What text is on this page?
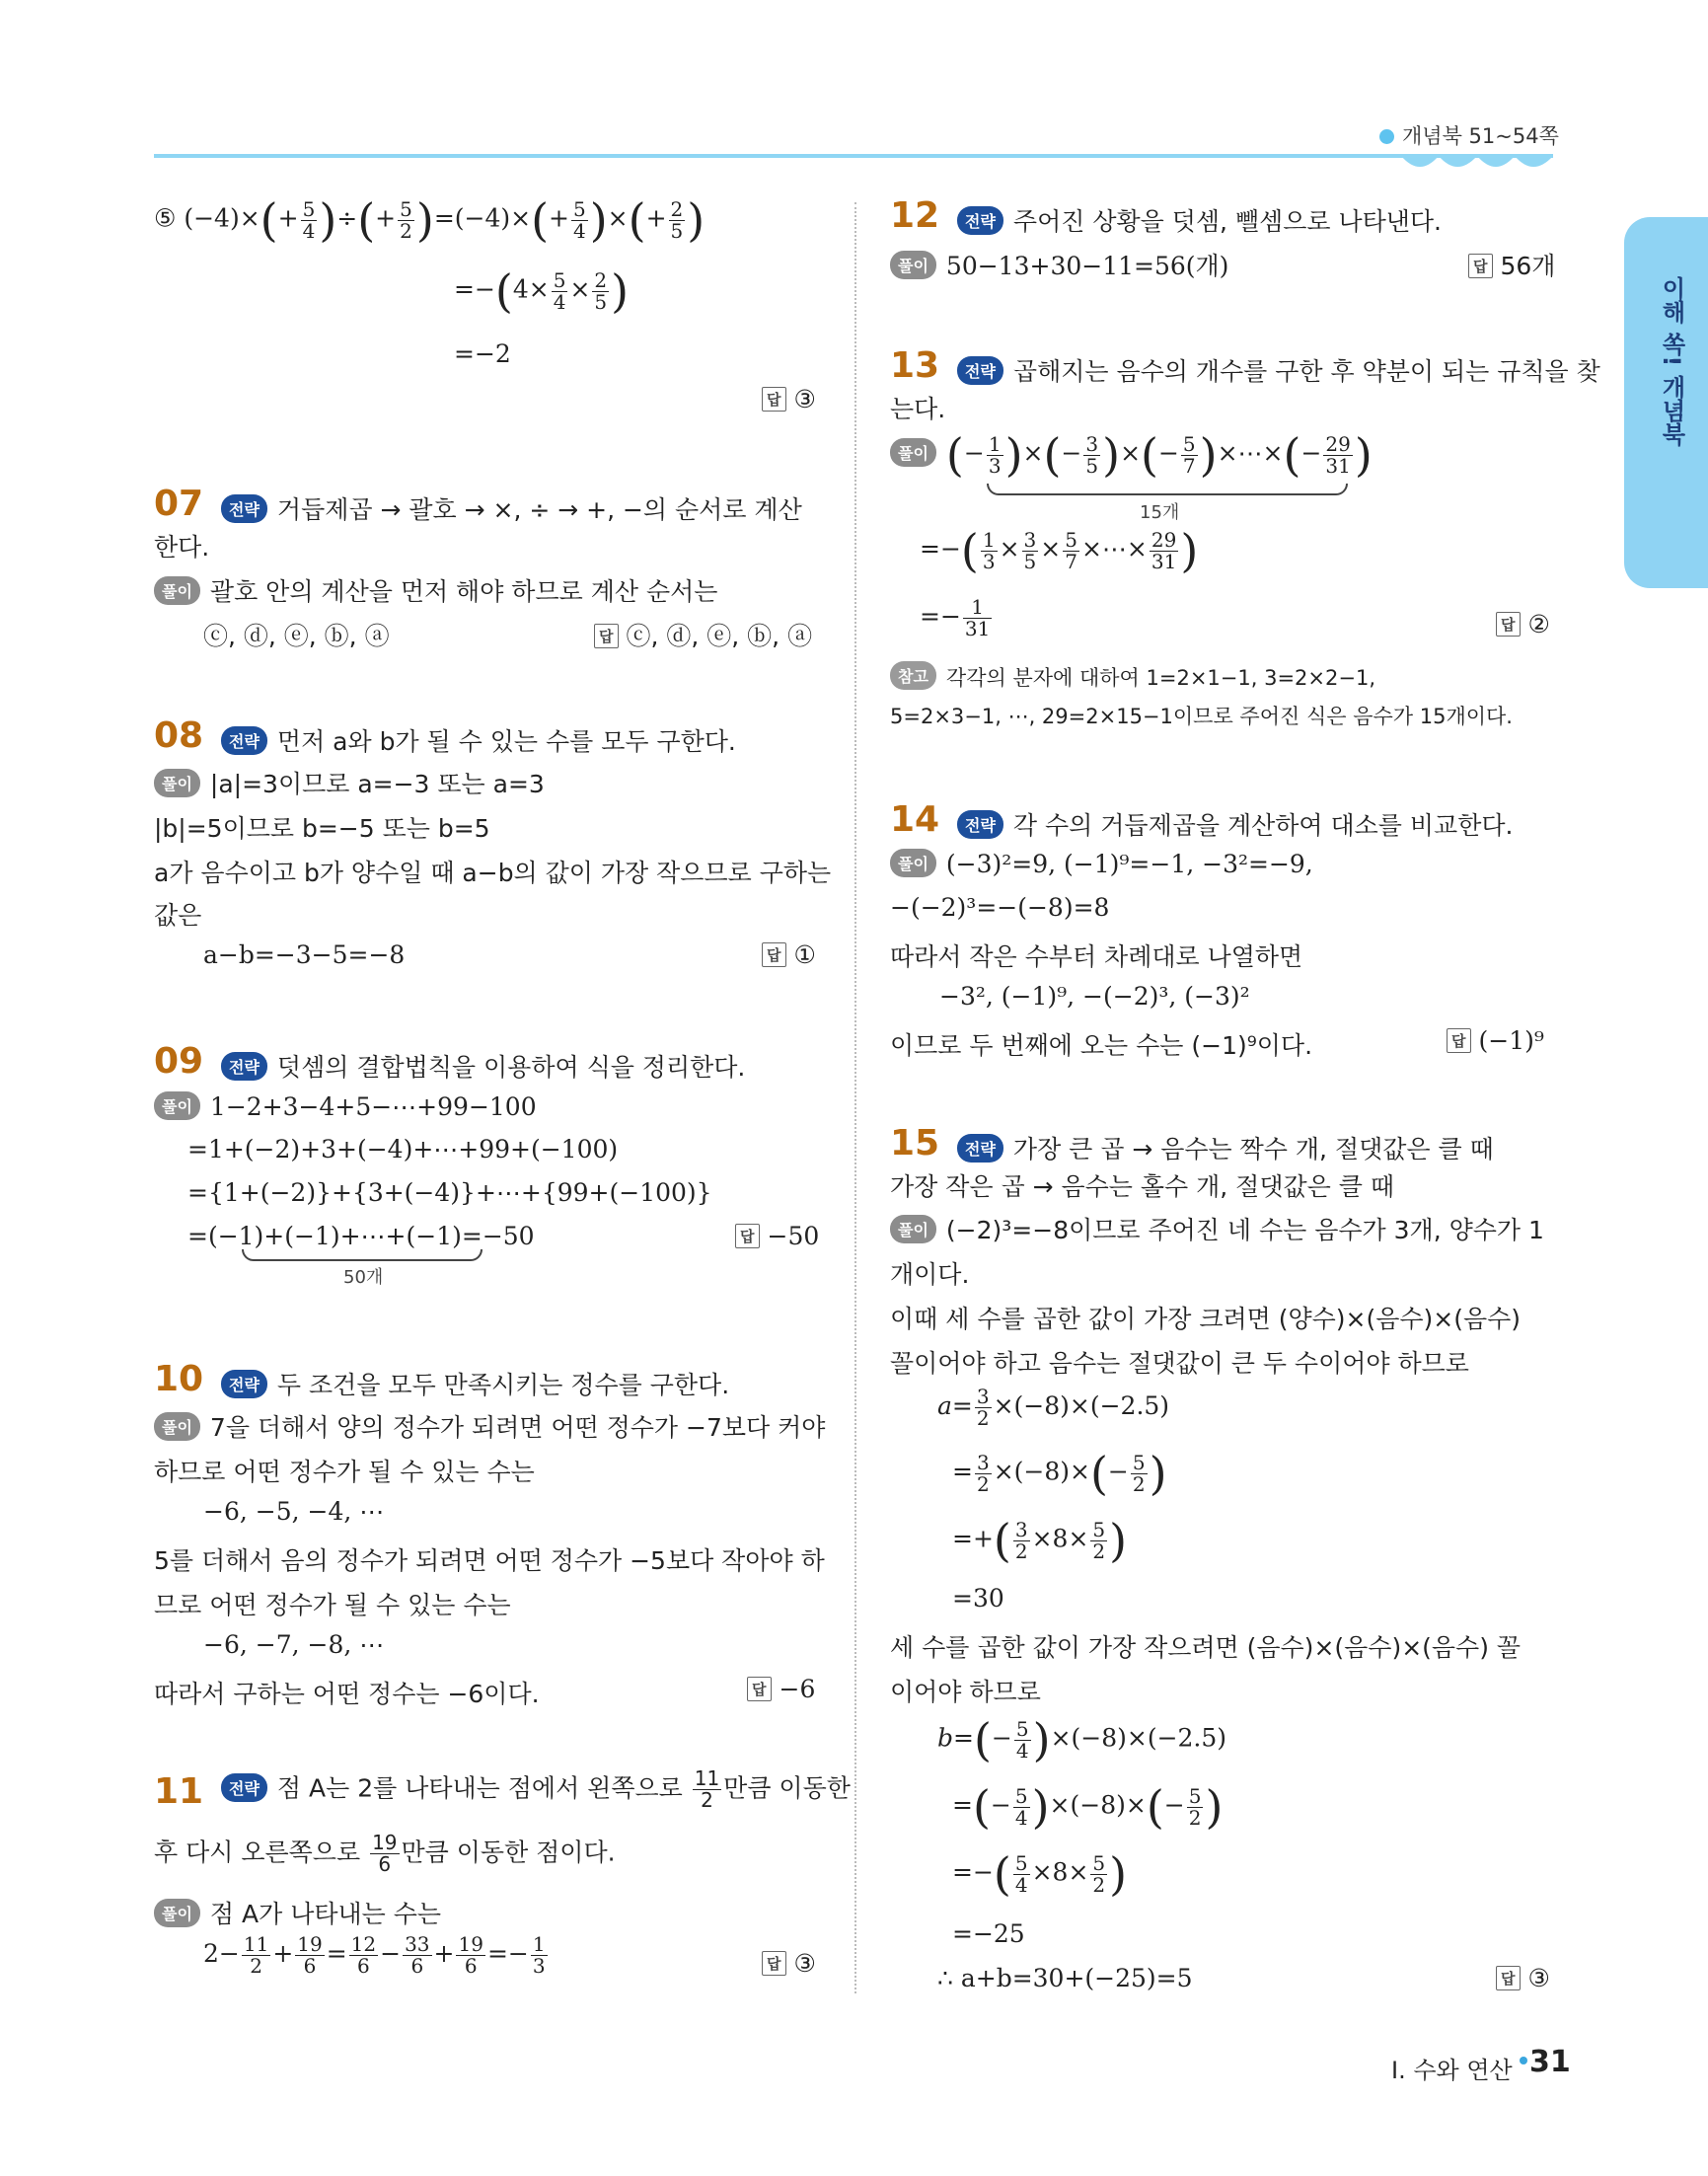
개념북 51~54쪽
이해 쏙! 개념북
⑤ $(-4)\times(+ \frac{5}{4}$ )÷(+ $\frac{5}{2} )=(-4)\times(+ \frac{5}{4}$ )×(+ $\frac{2}{5}$ )
$=-(4\times \frac{5}{4} \times \frac{2}{5}$ )
=−2
답 ③
07	전략 거듭제곱 → 괄호 → ×, ÷ → +, −의 순서로 계산
한다.
풀이 괄호 안의 계산을 먼저 해야 하므로 계산 순서는
ⓒ, ⓓ, ⓔ, ⓑ, ⓐ	답 ⓒ, ⓓ, ⓔ, ⓑ, ⓐ
08	전략 먼저 a와 b가 될 수 있는 수를 모두 구한다.
풀이 |a|=3이므로 a=−3 또는 a=3
|b|=5이므로 b=−5 또는 b=5
a가 음수이고 b가 양수일 때 a−b의 값이 가장 작으므로 구하는
값은
a−b=−3−5=−8	답 ①
09	전략 덧셈의 결합법칙을 이용하여 식을 정리한다.
풀이 1−2+3−4+5−⋯+99−100
=1+(−2)+3+(−4)+⋯+99+(−100)
={1+(−2)}+{3+(−4)}+⋯+{99+(−100)}
=(−1)+(−1)+⋯+(−1)=−50
50개
답 −50
10	전략 두 조건을 모두 만족시키는 정수를 구한다.
풀이 7을 더해서 양의 정수가 되려면 어떤 정수가 −7보다 커야
하므로 어떤 정수가 될 수 있는 수는
−6, −5, −4, ⋯
5를 더해서 음의 정수가 되려면 어떤 정수가 −5보다 작아야 하
므로 어떤 정수가 될 수 있는 수는
−6, −7, −8, ⋯
따라서 구하는 어떤 정수는 −6이다.	답 −6
11	전략 점 A는 2를 나타내는 점에서 왼쪽으로 $\frac{11}{2}$ 만큼 이동한
후 다시 오른쪽으로 $\frac{19}{6}$ 만큼 이동한 점이다.
풀이 점 A가 나타내는 수는
$2- \frac{11}{2} + \frac{19}{6} = \frac{12}{6} - \frac{33}{6} + \frac{19}{6} =- \frac{1}{3}$	답 ③
12	전략 주어진 상황을 덧셈, 뺄셈으로 나타낸다.
풀이 50−13+30−11=56(개)	답 56개
13	전략 곱해지는 음수의 개수를 구한 후 약분이 되는 규칙을 찾
는다.
풀이 (− $\frac{1}{3}$ )×(− $\frac{3}{5}$ )×(− $\frac{5}{7}$ )×⋯×(− $\frac{29}{31}$ )
15개
=−( $\frac{1}{3} \times \frac{3}{5} \times \frac{5}{7}$ ×⋯× $\frac{29}{31}$ )
=− $\frac{1}{31}$	답 ②
참고 각각의 분자에 대하여 1=2×1−1, 3=2×2−1,
5=2×3−1, ⋯, 29=2×15−1이므로 주어진 식은 음수가 15개이다.
14	전략 각 수의 거듭제곱을 계산하여 대소를 비교한다.
풀이 (−3)²=9, (−1)⁹=−1, −3²=−9,
−(−2)³=−(−8)=8
따라서 작은 수부터 차례대로 나열하면
−3², (−1)⁹, −(−2)³, (−3)²
이므로 두 번째에 오는 수는 (−1)⁹이다.	답 (−1)⁹
15	전략 가장 큰 곱 → 음수는 짝수 개, 절댓값은 클 때
가장 작은 곱 → 음수는 홀수 개, 절댓값은 클 때
풀이 (−2)³=−8이므로 주어진 네 수는 음수가 3개, 양수가 1
개이다.
이때 세 수를 곱한 값이 가장 크려면 (양수)×(음수)×(음수)
꼴이어야 하고 음수는 절댓값이 큰 두 수이어야 하므로
$a= \frac{3}{2} \times(-8)\times(-2.5)$
= $\frac{3}{2} \times(-8)\times(- \frac{5}{2}$ )
=+( $\frac{3}{2} \times 8\times \frac{5}{2}$ )
=30
세 수를 곱한 값이 가장 작으려면 (음수)×(음수)×(음수) 꼴
이어야 하므로
$b=(- \frac{5}{4} )\times(-8)\times(-2.5)$
=(− $\frac{5}{4} )\times(-8)\times(- \frac{5}{2}$ )
=−( $\frac{5}{4} \times 8\times \frac{5}{2}$ )
=−25
∴ a+b=30+(−25)=5	답 ③
Ⅰ. 수와 연산 31
